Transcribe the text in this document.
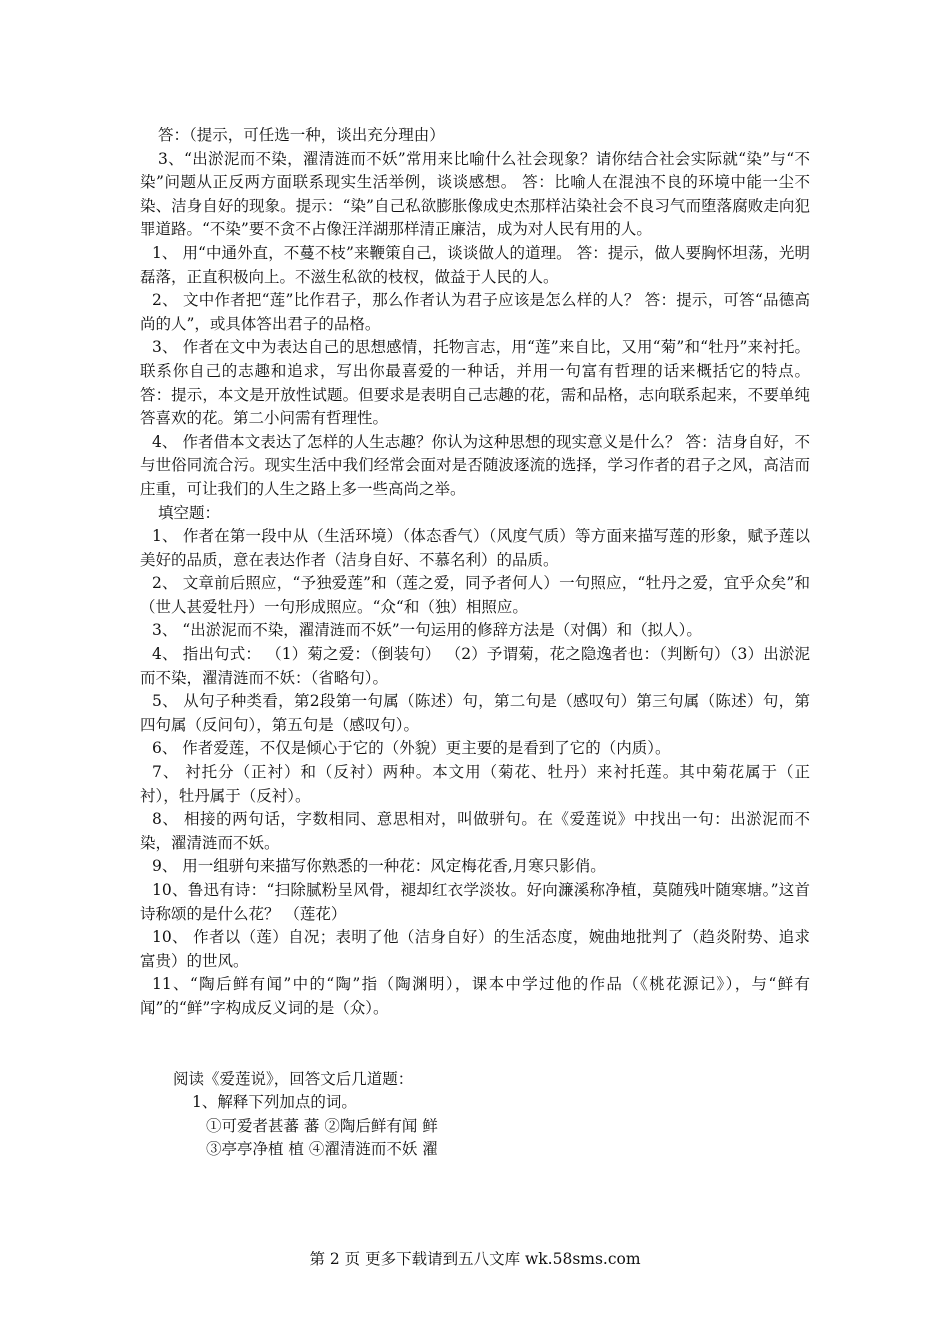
答：（提示，可任选一种，谈出充分理由）

3、“出淤泥而不染，濯清涟而不妖”常用来比喻什么社会现象？请你结合社会实际就“染”与“不染”问题从正反两方面联系现实生活举例，谈谈感想。 答：比喻人在混浊不良的环境中能一尘不染、洁身自好的现象。提示：“染”自己私欲膨胀像成史杰那样沾染社会不良习气而堕落腐败走向犯罪道路。“不染”要不贪不占像汪洋湖那样清正廉洁，成为对人民有用的人。

1、 用“中通外直，不蔓不枝”来鞭策自己，谈谈做人的道理。 答：提示，做人要胸怀坦荡，光明磊落，正直积极向上。不滋生私欲的枝杈，做益于人民的人。

2、 文中作者把“莲”比作君子，那么作者认为君子应该是怎么样的人？ 答：提示，可答“品德高尚的人”，或具体答出君子的品格。

3、 作者在文中为表达自己的思想感情，托物言志，用“莲”来自比，又用“菊”和“牡丹”来衬托。联系你自己的志趣和追求，写出你最喜爱的一种话，并用一句富有哲理的话来概括它的特点。 答：提示，本文是开放性试题。但要求是表明自己志趣的花，需和品格，志向联系起来，不要单纯答喜欢的花。第二小问需有哲理性。

4、 作者借本文表达了怎样的人生志趣？你认为这种思想的现实意义是什么？ 答：洁身自好，不与世俗同流合污。现实生活中我们经常会面对是否随波逐流的选择，学习作者的君子之风，高洁而庄重，可让我们的人生之路上多一些高尚之举。

填空题：

1、 作者在第一段中从（生活环境）（体态香气）（风度气质）等方面来描写莲的形象，赋予莲以美好的品质，意在表达作者（洁身自好、不慕名利）的品质。

2、 文章前后照应，“予独爱莲”和（莲之爱，同予者何人）一句照应，“牡丹之爱，宜乎众矣”和（世人甚爱牡丹）一句形成照应。“众“和（独）相照应。

3、 “出淤泥而不染，濯清涟而不妖”一句运用的修辞方法是（对偶）和（拟人）。

4、 指出句式： （1）菊之爱：（倒装句） （2）予谓菊，花之隐逸者也：（判断句）（3）出淤泥而不染，濯清涟而不妖：（省略句）。

5、 从句子种类看，第2段第一句属（陈述）句，第二句是（感叹句）第三句属（陈述）句，第四句属（反问句），第五句是（感叹句）。

6、 作者爱莲，不仅是倾心于它的（外貌）更主要的是看到了它的（内质）。

7、 衬托分（正衬）和（反衬）两种。本文用（菊花、牡丹）来衬托莲。其中菊花属于（正衬），牡丹属于（反衬）。

8、 相接的两句话，字数相同、意思相对，叫做骈句。在《爱莲说》中找出一句：出淤泥而不染，濯清涟而不妖。

9、 用一组骈句来描写你熟悉的一种花：风定梅花香,月寒只影俏。

10、鲁迅有诗：“扫除腻粉呈风骨，褪却红衣学淡妆。好向濂溪称净植，莫随残叶随寒塘。”这首诗称颂的是什么花？ （莲花）

10、 作者以（莲）自况；表明了他（洁身自好）的生活态度，婉曲地批判了（趋炎附势、追求富贵）的世风。

11、“陶后鲜有闻”中的“陶”指（陶渊明），课本中学过他的作品（《桃花源记》），与“鲜有闻”的“鲜”字构成反义词的是（众）。

阅读《爱莲说》，回答文后几道题：

1、解释下列加点的词。

①可爱者甚蕃 蕃 ②陶后鲜有闻 鲜

③亭亭净植 植 ④濯清涟而不妖 濯

第 2 页 更多下载请到五八文库 wk.58sms.com
